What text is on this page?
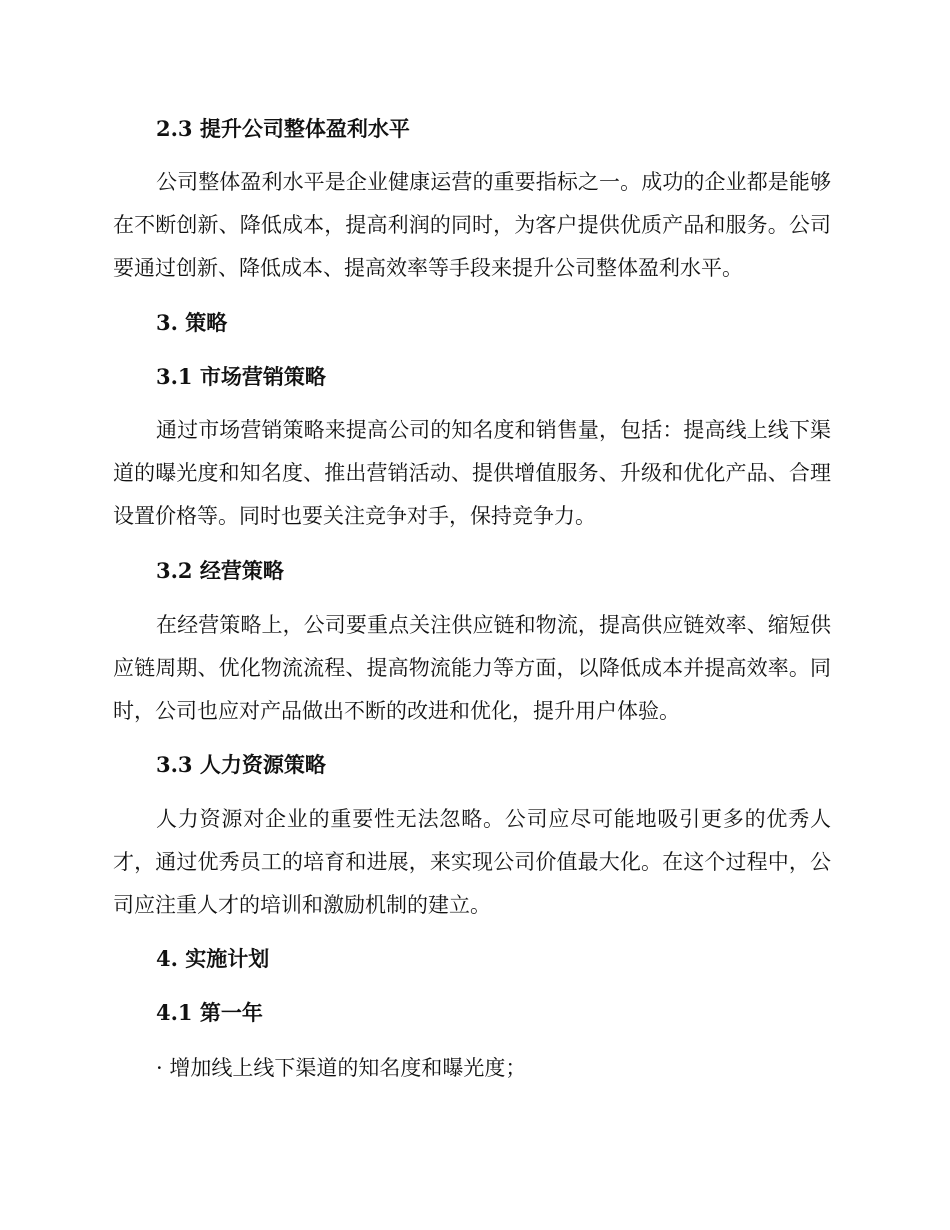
2.3 提升公司整体盈利水平
公司整体盈利水平是企业健康运营的重要指标之一。成功的企业都是能够在不断创新、降低成本，提高利润的同时，为客户提供优质产品和服务。公司要通过创新、降低成本、提高效率等手段来提升公司整体盈利水平。
3. 策略
3.1 市场营销策略
通过市场营销策略来提高公司的知名度和销售量，包括：提高线上线下渠道的曝光度和知名度、推出营销活动、提供增值服务、升级和优化产品、合理设置价格等。同时也要关注竞争对手，保持竞争力。
3.2 经营策略
在经营策略上，公司要重点关注供应链和物流，提高供应链效率、缩短供应链周期、优化物流流程、提高物流能力等方面，以降低成本并提高效率。同时，公司也应对产品做出不断的改进和优化，提升用户体验。
3.3 人力资源策略
人力资源对企业的重要性无法忽略。公司应尽可能地吸引更多的优秀人才，通过优秀员工的培育和进展，来实现公司价值最大化。在这个过程中，公司应注重人才的培训和激励机制的建立。
4. 实施计划
4.1 第一年
· 增加线上线下渠道的知名度和曝光度；
